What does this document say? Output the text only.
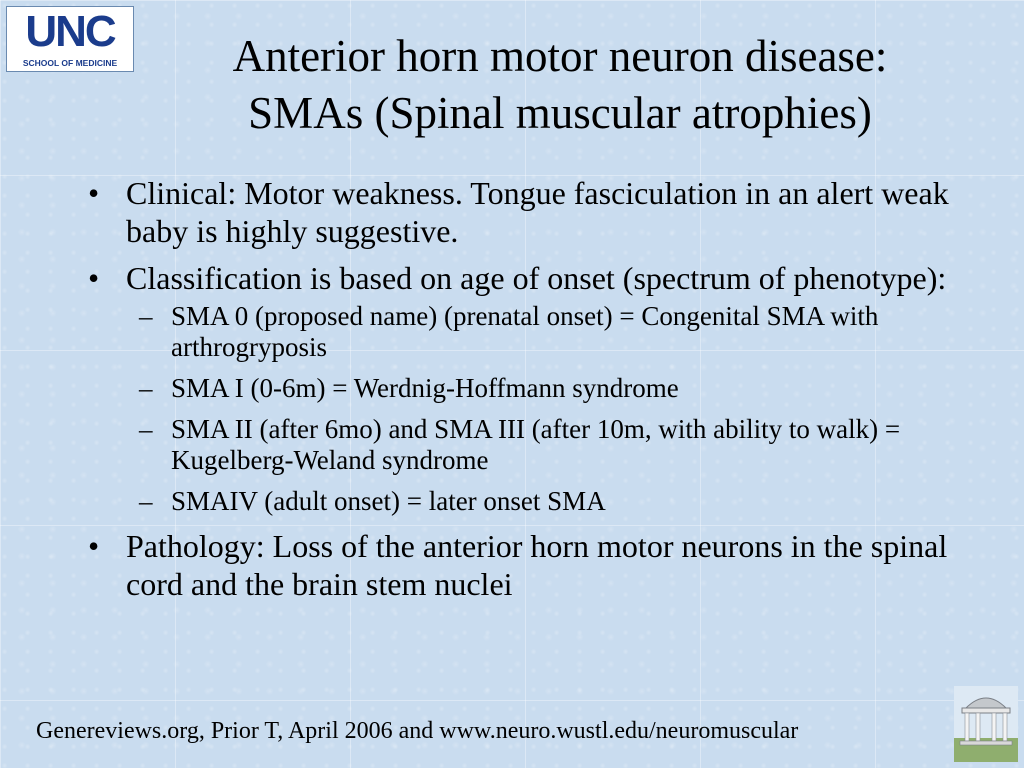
UNC
SCHOOL OF MEDICINE	Anterior horn motor neuron disease:
SMAs (Spinal muscular atrophies)
• Clinical: Motor weakness. Tongue fasciculation in an alert weak baby is highly suggestive.
• Classification is based on age of onset (spectrum of phenotype):
– SMA 0 (proposed name) (prenatal onset) = Congenital SMA with arthrogryposis
– SMA I (0-6m) = Werdnig-Hoffmann syndrome
– SMA II (after 6mo) and SMA III (after 10m, with ability to walk) = Kugelberg-Weland syndrome
– SMAIV (adult onset) = later onset SMA
• Pathology: Loss of the anterior horn motor neurons in the spinal cord and the brain stem nuclei
Genereviews.org, Prior T, April 2006 and www.neuro.wustl.edu/neuromuscular
